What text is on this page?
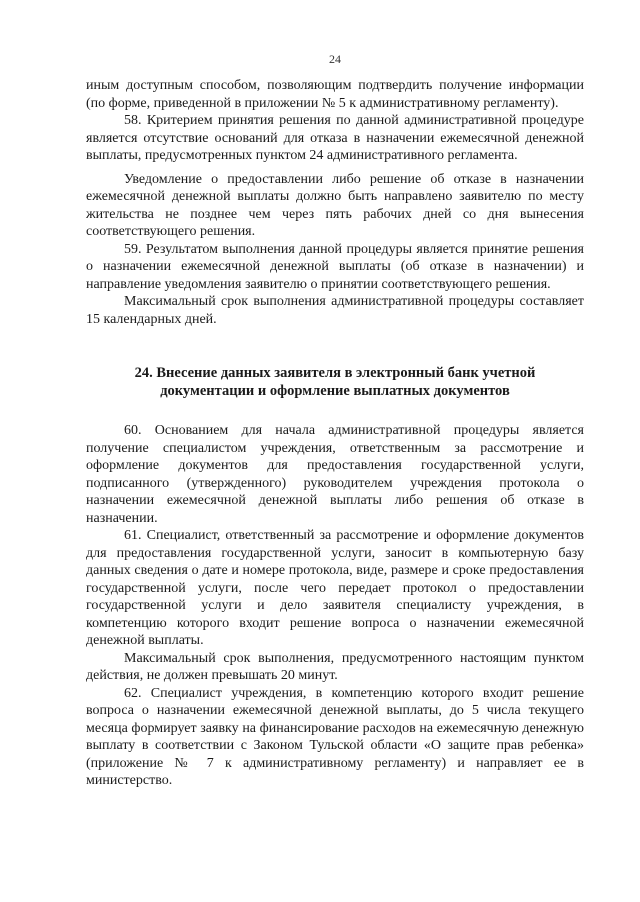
24

иным доступным способом, позволяющим подтвердить получение информации (по форме, приведенной в приложении № 5 к административному регламенту).

58. Критерием принятия решения по данной административной процедуре является отсутствие оснований для отказа в назначении ежемесячной денежной выплаты, предусмотренных пунктом 24 административного регламента.

Уведомление о предоставлении либо решение об отказе в назначении ежемесячной денежной выплаты должно быть направлено заявителю по месту жительства не позднее чем через пять рабочих дней со дня вынесения соответствующего решения.

59. Результатом выполнения данной процедуры является принятие решения о назначении ежемесячной денежной выплаты (об отказе в назначении) и направление уведомления заявителю о принятии соответствующего решения.

Максимальный срок выполнения административной процедуры составляет 15 календарных дней.

24. Внесение данных заявителя в электронный банк учетной

документации и оформление выплатных документов

60. Основанием для начала административной процедуры является получение специалистом учреждения, ответственным за рассмотрение и оформление документов для предоставления государственной услуги, подписанного (утвержденного) руководителем учреждения протокола о назначении ежемесячной денежной выплаты либо решения об отказе в назначении.

61. Специалист, ответственный за рассмотрение и оформление документов для предоставления государственной услуги, заносит в компьютерную базу данных сведения о дате и номере протокола, виде, размере и сроке предоставления государственной услуги, после чего передает протокол о предоставлении государственной услуги и дело заявителя специалисту учреждения, в компетенцию которого входит решение вопроса о назначении ежемесячной денежной выплаты.

Максимальный срок выполнения, предусмотренного настоящим пунктом действия, не должен превышать 20 минут.

62. Специалист учреждения, в компетенцию которого входит решение вопроса о назначении ежемесячной денежной выплаты, до 5 числа текущего месяца формирует заявку на финансирование расходов на ежемесячную денежную выплату в соответствии с Законом Тульской области «О защите прав ребенка» (приложение № 7 к административному регламенту) и направляет ее в министерство.
